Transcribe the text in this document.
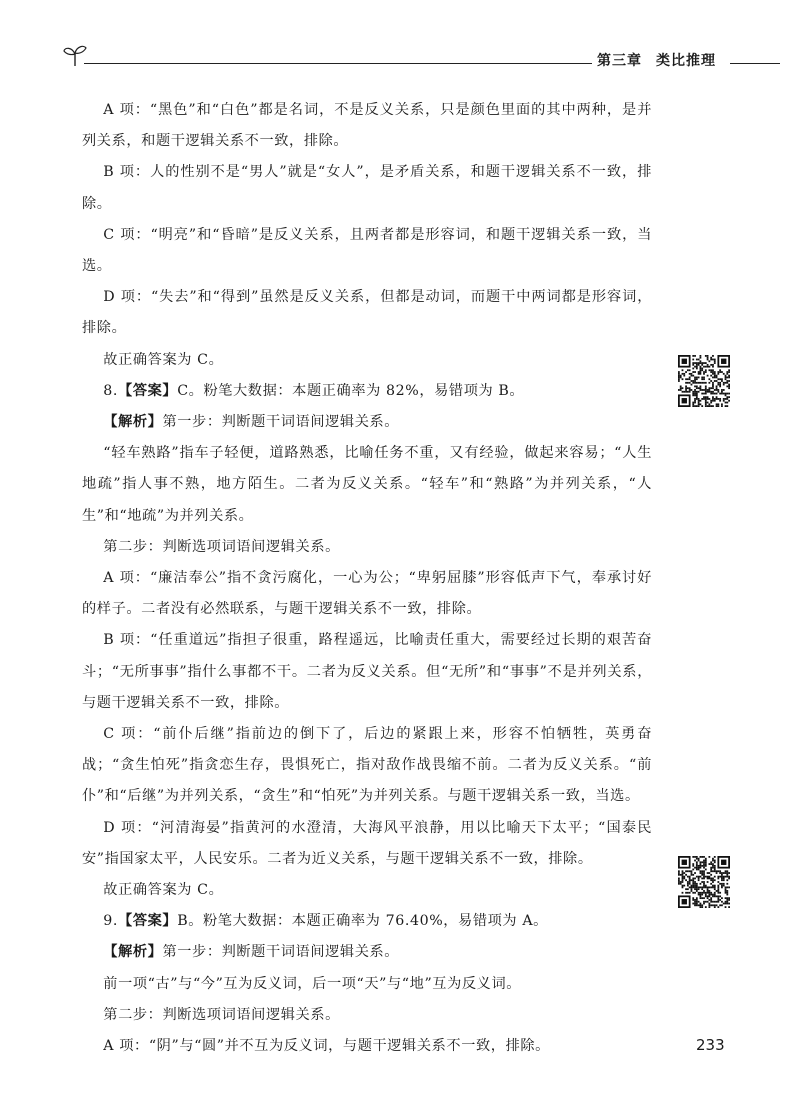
第三章 类比推理

A 项：“黑色”和“白色”都是名词，不是反义关系，只是颜色里面的其中两种，是并列关系，和题干逻辑关系不一致，排除。

B 项：人的性别不是“男人”就是“女人”，是矛盾关系，和题干逻辑关系不一致，排除。

C 项：“明亮”和“昏暗”是反义关系，且两者都是形容词，和题干逻辑关系一致，当选。

D 项：“失去”和“得到”虽然是反义关系，但都是动词，而题干中两词都是形容词，排除。

故正确答案为 C。

8.【答案】C。粉笔大数据：本题正确率为 82%，易错项为 B。

【解析】第一步：判断题干词语间逻辑关系。

“轻车熟路”指车子轻便，道路熟悉，比喻任务不重，又有经验，做起来容易；“人生地疏”指人事不熟，地方陌生。二者为反义关系。“轻车”和“熟路”为并列关系，“人生”和“地疏”为并列关系。

第二步：判断选项词语间逻辑关系。

A 项：“廉洁奉公”指不贪污腐化，一心为公；“卑躬屈膝”形容低声下气，奉承讨好的样子。二者没有必然联系，与题干逻辑关系不一致，排除。

B 项：“任重道远”指担子很重，路程遥远，比喻责任重大，需要经过长期的艰苦奋斗；“无所事事”指什么事都不干。二者为反义关系。但“无所”和“事事”不是并列关系，与题干逻辑关系不一致，排除。

C 项：“前仆后继”指前边的倒下了，后边的紧跟上来，形容不怕牺牲，英勇奋战；“贪生怕死”指贪恋生存，畏惧死亡，指对敌作战畏缩不前。二者为反义关系。“前仆”和“后继”为并列关系，“贪生”和“怕死”为并列关系。与题干逻辑关系一致，当选。

D 项：“河清海晏”指黄河的水澄清，大海风平浪静，用以比喻天下太平；“国泰民安”指国家太平，人民安乐。二者为近义关系，与题干逻辑关系不一致，排除。

故正确答案为 C。

9.【答案】B。粉笔大数据：本题正确率为 76.40%，易错项为 A。

【解析】第一步：判断题干词语间逻辑关系。

前一项“古”与“今”互为反义词，后一项“天”与“地”互为反义词。

第二步：判断选项词语间逻辑关系。

A 项：“阴”与“圆”并不互为反义词，与题干逻辑关系不一致，排除。	233
